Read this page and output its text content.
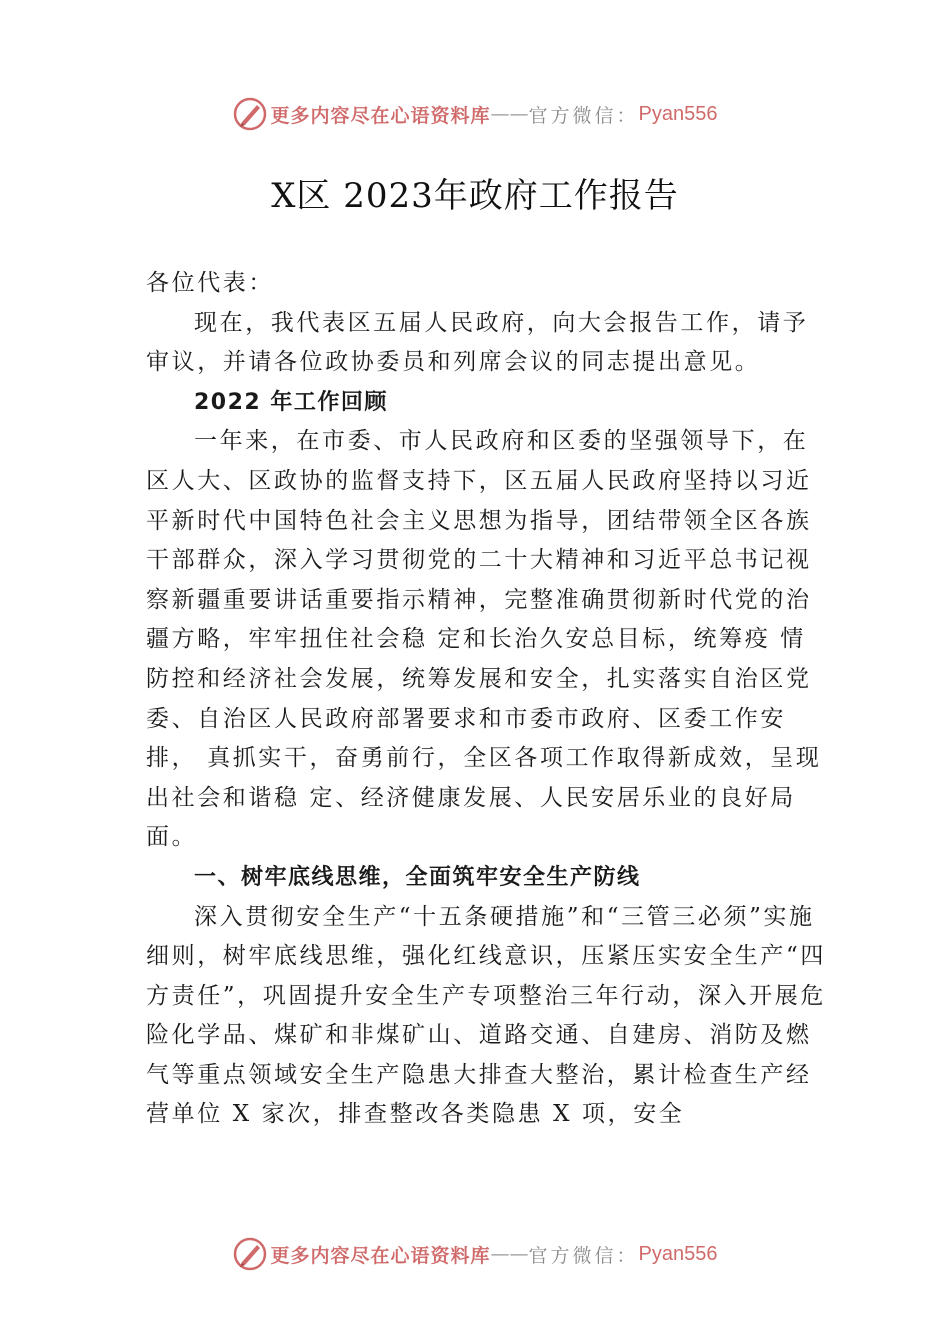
更多内容尽在心语资料库 —— 官方微信： Pyan556
X区 2023年政府工作报告

各位代表：

现在，我代表区五届人民政府，向大会报告工作，请予审议，并请各位政协委员和列席会议的同志提出意见。

2022 年工作回顾

一年来，在市委、市人民政府和区委的坚强领导下，在区人大、区政协的监督支持下，区五届人民政府坚持以习近平新时代中国特色社会主义思想为指导，团结带领全区各族干部群众，深入学习贯彻党的二十大精神和习近平总书记视察新疆重要讲话重要指示精神，完整准确贯彻新时代党的治疆方略，牢牢扭住社会稳 定和长治久安总目标，统筹疫 情防控和经济社会发展，统筹发展和安全，扎实落实自治区党委、自治区人民政府部署要求和市委市政府、区委工作安排， 真抓实干，奋勇前行，全区各项工作取得新成效，呈现出社会和谐稳 定、经济健康发展、人民安居乐业的良好局面。

一、树牢底线思维，全面筑牢安全生产防线

深入贯彻安全生产“十五条硬措施”和“三管三必须”实施细则，树牢底线思维，强化红线意识，压紧压实安全生产“四方责任”，巩固提升安全生产专项整治三年行动，深入开展危险化学品、煤矿和非煤矿山、道路交通、自建房、消防及燃气等重点领域安全生产隐患大排查大整治，累计检查生产经营单位 X 家次，排查整改各类隐患 X 项，安全

更多内容尽在心语资料库 —— 官方微信： Pyan556
